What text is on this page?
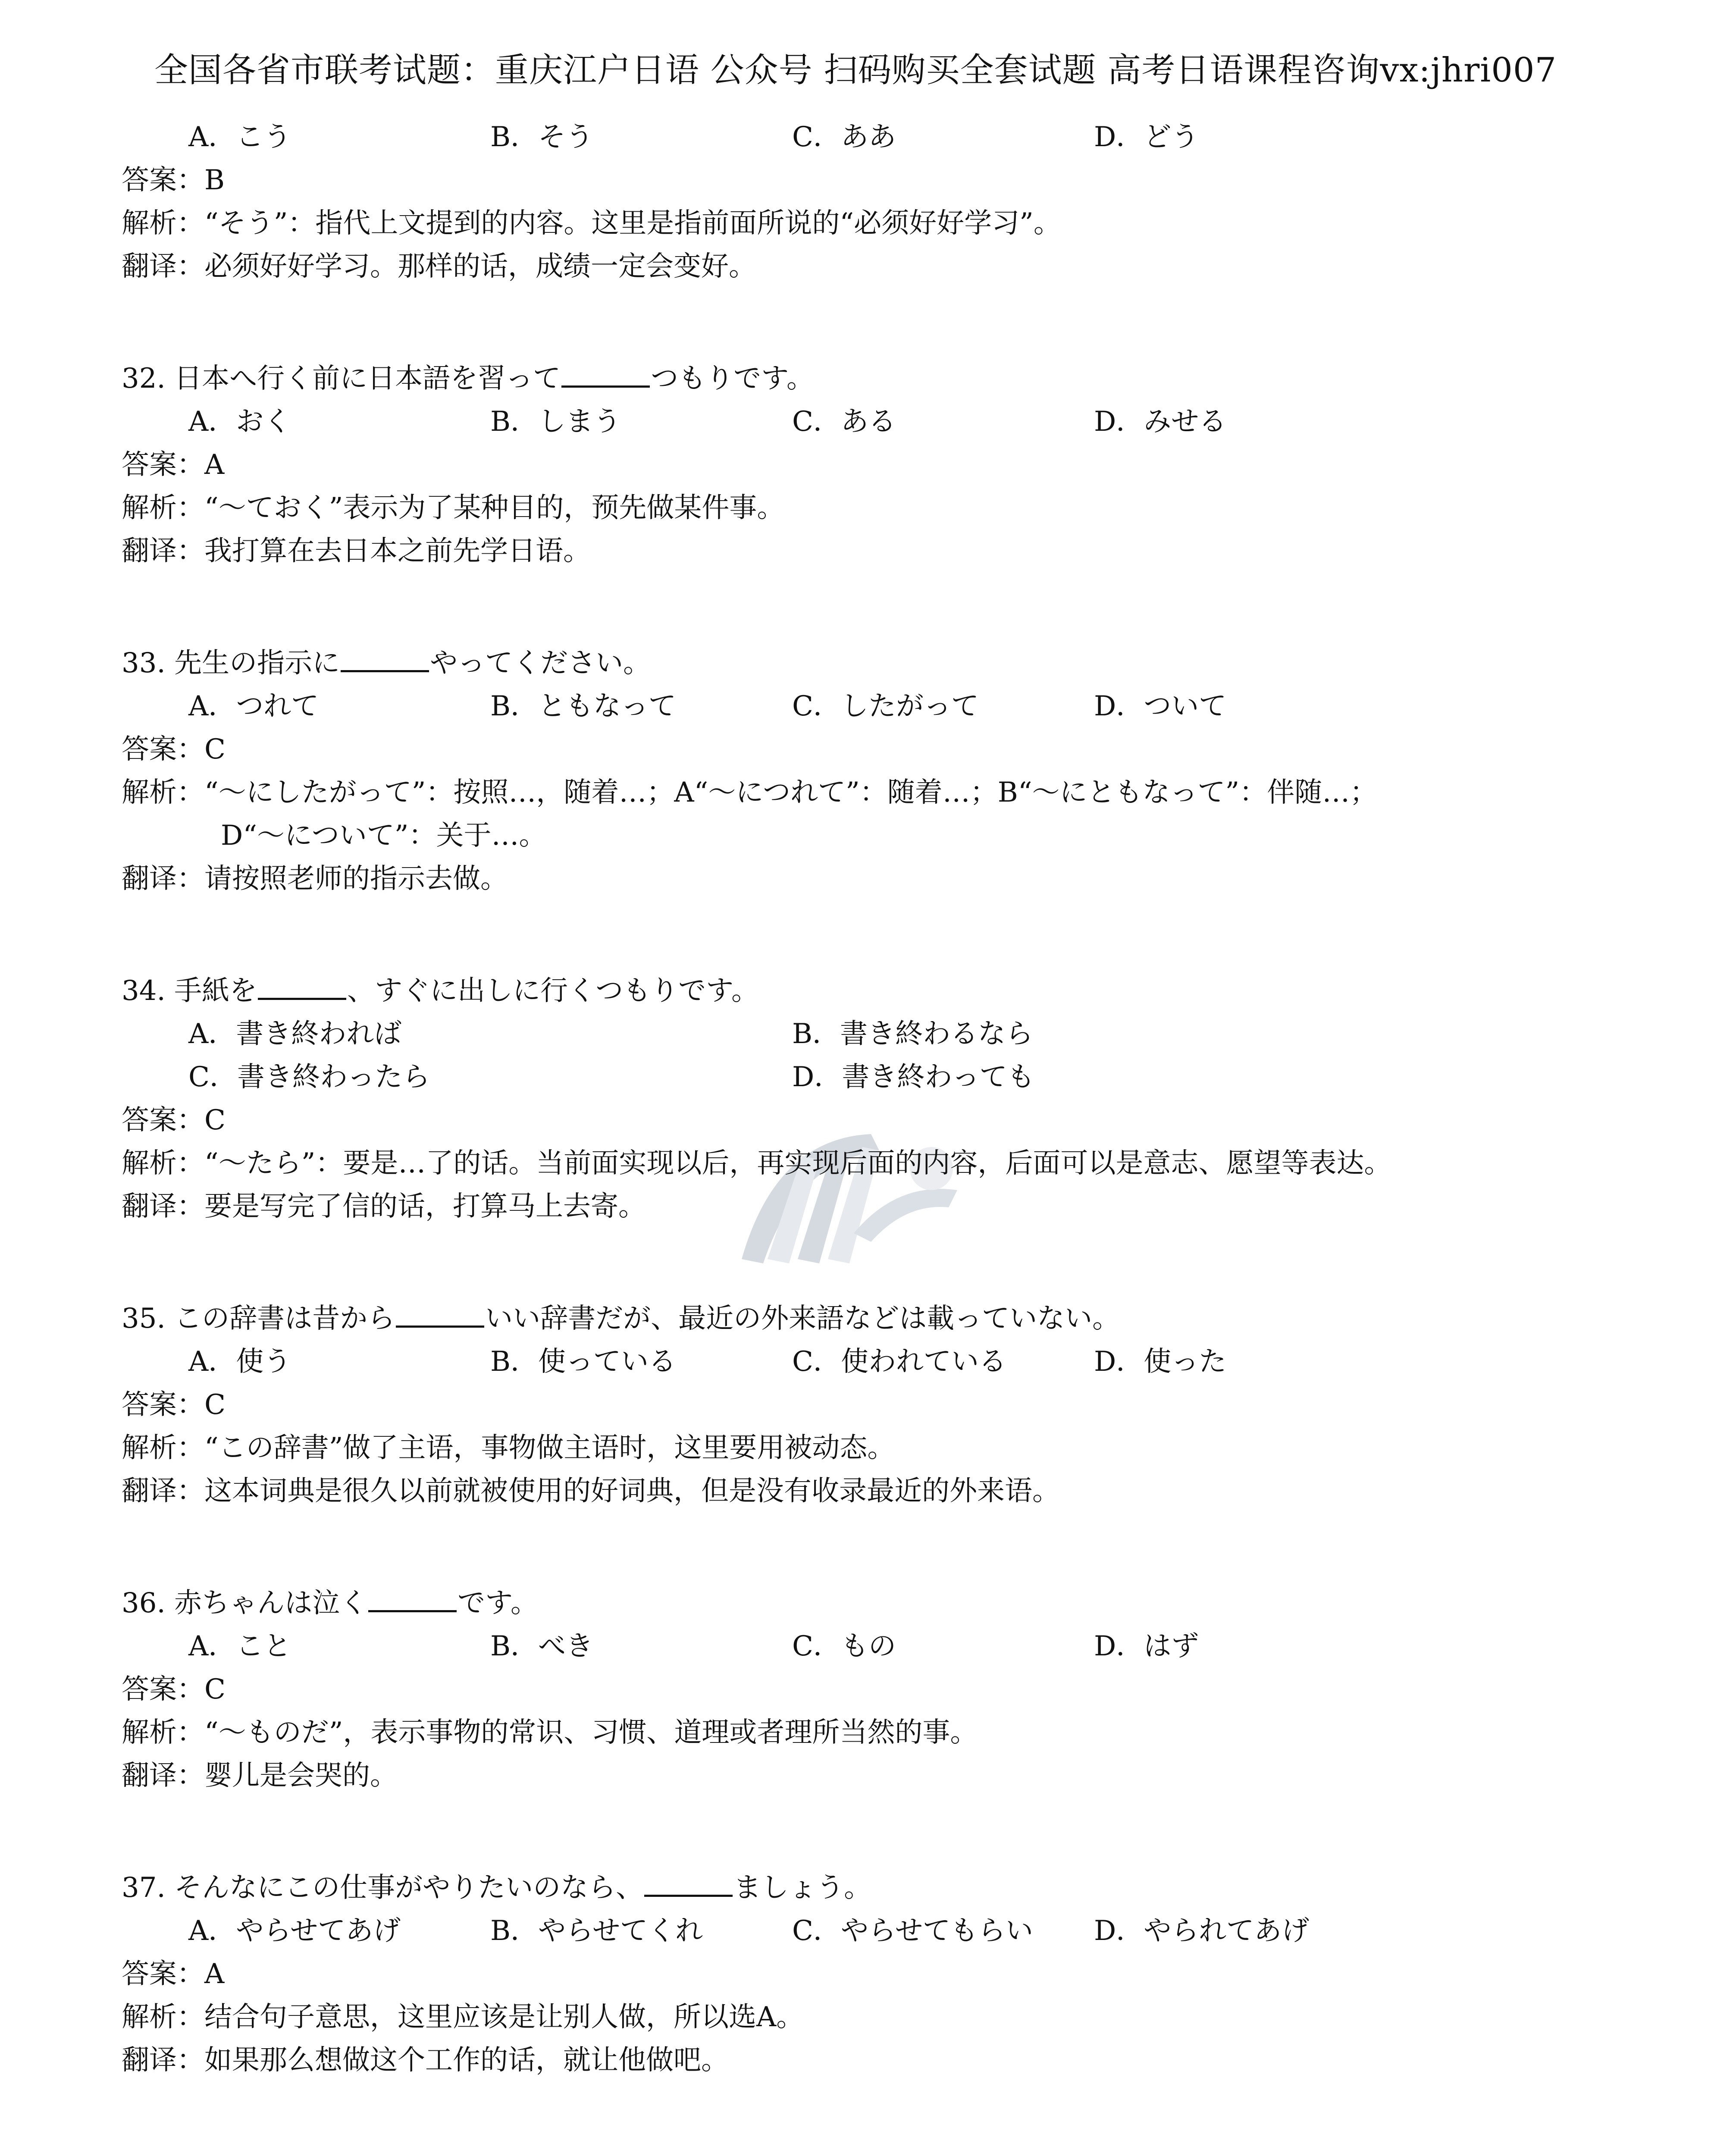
全国各省市联考试题：重庆江户日语 公众号 扫码购买全套试题 高考日语课程咨询vx:jhri007
A．こう	B．そう	C．ああ	D．どう
答案：B
解析：“そう”：指代上文提到的内容。这里是指前面所说的“必须好好学习”。
翻译：必须好好学习。那样的话，成绩一定会变好。
32. 日本へ行く前に日本語を習って	つもりです。
A．おく	B．しまう	C．ある	D．みせる
答案：A
解析：“～ておく”表示为了某种目的，预先做某件事。
翻译：我打算在去日本之前先学日语。
33. 先生の指示に	やってください。
A．つれて	B．ともなって	C．したがって	D．ついて
答案：C
解析：“～にしたがって”：按照…，随着…；A“～につれて”：随着…；B“～にともなって”：伴随…；
D“～について”：关于…。
翻译：请按照老师的指示去做。
34. 手紙を	、すぐに出しに行くつもりです。
A．書き終われば	B．書き終わるなら
C．書き終わったら	D．書き終わっても
答案：C
解析：“～たら”：要是…了的话。当前面实现以后，再实现后面的内容，后面可以是意志、愿望等表达。
翻译：要是写完了信的话，打算马上去寄。
35. この辞書は昔から	いい辞書だが、最近の外来語などは載っていない。
A．使う	B．使っている	C．使われている	D．使った
答案：C
解析：“この辞書”做了主语，事物做主语时，这里要用被动态。
翻译：这本词典是很久以前就被使用的好词典，但是没有收录最近的外来语。
36. 赤ちゃんは泣く	です。
A．こと	B．べき	C．もの	D．はず
答案：C
解析：“～ものだ”，表示事物的常识、习惯、道理或者理所当然的事。
翻译：婴儿是会哭的。
37. そんなにこの仕事がやりたいのなら、	ましょう。
A．やらせてあげ	B．やらせてくれ	C．やらせてもらい D．やられてあげ
答案：A
解析：结合句子意思，这里应该是让别人做，所以选A。
翻译：如果那么想做这个工作的话，就让他做吧。
